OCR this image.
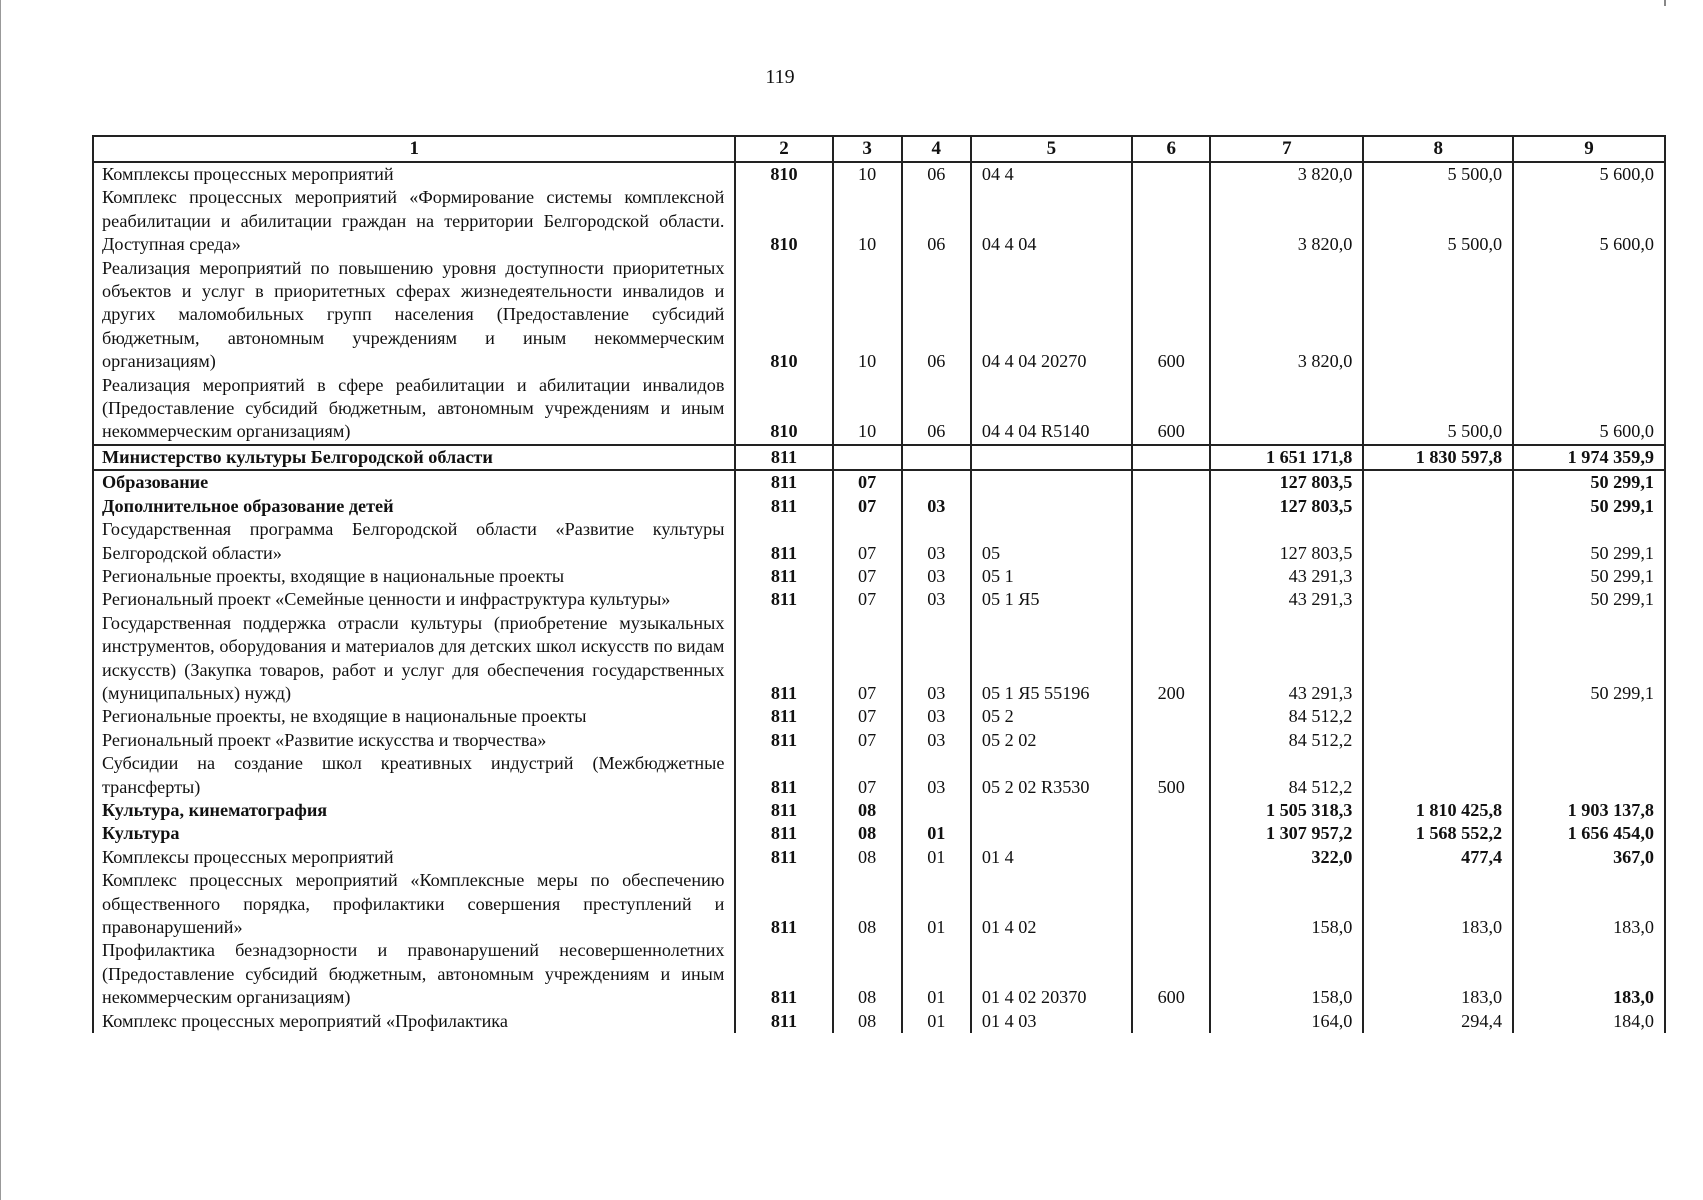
119
1	2	3	4	5	6	7	8	9
Комплексы процессных мероприятий	810	10	06	04 4		3 820,0	5 500,0	5 600,0
Комплекс процессных мероприятий «Формирование системы комплексной реабилитации и абилитации граждан на территории Белгородской области. Доступная среда»	810	10	06	04 4 04		3 820,0	5 500,0	5 600,0
Реализация мероприятий по повышению уровня доступности приоритетных объектов и услуг в приоритетных сферах жизнедеятельности инвалидов и других маломобильных групп населения (Предоставление субсидий бюджетным, автономным учреждениям и иным некоммерческим организациям)	810	10	06	04 4 04 20270	600	3 820,0		
Реализация мероприятий в сфере реабилитации и абилитации инвалидов (Предоставление субсидий бюджетным, автономным учреждениям и иным некоммерческим организациям)	810	10	06	04 4 04 R5140	600		5 500,0	5 600,0
Министерство культуры Белгородской области	811					1 651 171,8	1 830 597,8	1 974 359,9
Образование	811	07				127 803,5		50 299,1
Дополнительное образование детей	811	07	03			127 803,5		50 299,1
Государственная программа Белгородской области «Развитие культуры Белгородской области»	811	07	03	05		127 803,5		50 299,1
Региональные проекты, входящие в национальные проекты	811	07	03	05 1		43 291,3		50 299,1
Региональный проект «Семейные ценности и инфраструктура культуры»	811	07	03	05 1 Я5		43 291,3		50 299,1
Государственная поддержка отрасли культуры (приобретение музыкальных инструментов, оборудования и материалов для детских школ искусств по видам искусств) (Закупка товаров, работ и услуг для обеспечения государственных (муниципальных) нужд)	811	07	03	05 1 Я5 55196	200	43 291,3		50 299,1
Региональные проекты, не входящие в национальные проекты	811	07	03	05 2		84 512,2		
Региональный проект «Развитие искусства и творчества»	811	07	03	05 2 02		84 512,2		
Субсидии на создание школ креативных индустрий (Межбюджетные трансферты)	811	07	03	05 2 02 R3530	500	84 512,2		
Культура, кинематография	811	08				1 505 318,3	1 810 425,8	1 903 137,8
Культура	811	08	01			1 307 957,2	1 568 552,2	1 656 454,0
Комплексы процессных мероприятий	811	08	01	01 4		322,0	477,4	367,0
Комплекс процессных мероприятий «Комплексные меры по обеспечению общественного порядка, профилактики совершения преступлений и правонарушений»	811	08	01	01 4 02		158,0	183,0	183,0
Профилактика безнадзорности и правонарушений несовершеннолетних (Предоставление субсидий бюджетным, автономным учреждениям и иным некоммерческим организациям)	811	08	01	01 4 02 20370	600	158,0	183,0	183,0
Комплекс процессных мероприятий «Профилактика	811	08	01	01 4 03		164,0	294,4	184,0
